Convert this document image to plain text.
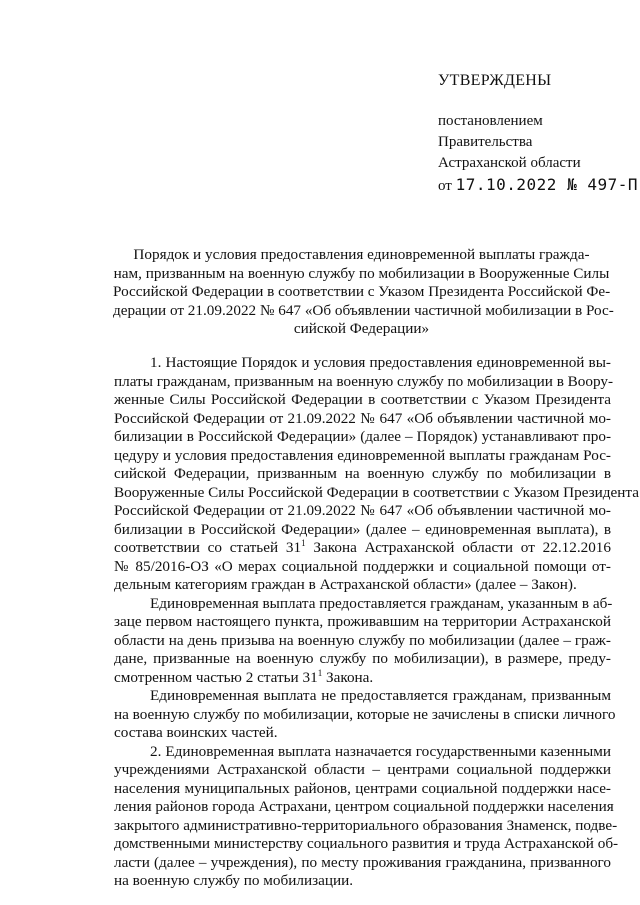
УТВЕРЖДЕНЫ
постановлением
Правительства
Астраханской области
от 17.10.2022 № 497-П
Порядок и условия предоставления единовременной выплаты гражда-
нам, призванным на военную службу по мобилизации в Вооруженные Силы
Российской Федерации в соответствии с Указом Президента Российской Фе-
дерации от 21.09.2022 № 647 «Об объявлении частичной мобилизации в Рос-
сийской Федерации»
1. Настоящие Порядок и условия предоставления единовременной вы-
платы гражданам, призванным на военную службу по мобилизации в Воору-
женные Силы Российской Федерации в соответствии с Указом Президента
Российской Федерации от 21.09.2022 № 647 «Об объявлении частичной мо-
билизации в Российской Федерации» (далее – Порядок) устанавливают про-
цедуру и условия предоставления единовременной выплаты гражданам Рос-
сийской Федерации, призванным на военную службу по мобилизации в
Вооруженные Силы Российской Федерации в соответствии с Указом Президента
Российской Федерации от 21.09.2022 № 647 «Об объявлении частичной мо-
билизации в Российской Федерации» (далее – единовременная выплата), в
соответствии со статьей $31^1$ Закона Астраханской области от 22.12.2016
№ 85/2016-ОЗ «О мерах социальной поддержки и социальной помощи от-
дельным категориям граждан в Астраханской области» (далее – Закон).
Единовременная выплата предоставляется гражданам, указанным в аб-
заце первом настоящего пункта, проживавшим на территории Астраханской
области на день призыва на военную службу по мобилизации (далее – граж-
дане, призванные на военную службу по мобилизации), в размере, преду-
смотренном частью 2 статьи $31^1$ Закона.
Единовременная выплата не предоставляется гражданам, призванным
на военную службу по мобилизации, которые не зачислены в списки личного
состава воинских частей.
2. Единовременная выплата назначается государственными казенными
учреждениями Астраханской области – центрами социальной поддержки
населения муниципальных районов, центрами социальной поддержки насе-
ления районов города Астрахани, центром социальной поддержки населения
закрытого административно-территориального образования Знаменск, подве-
домственными министерству социального развития и труда Астраханской об-
ласти (далее – учреждения), по месту проживания гражданина, призванного
на военную службу по мобилизации.
